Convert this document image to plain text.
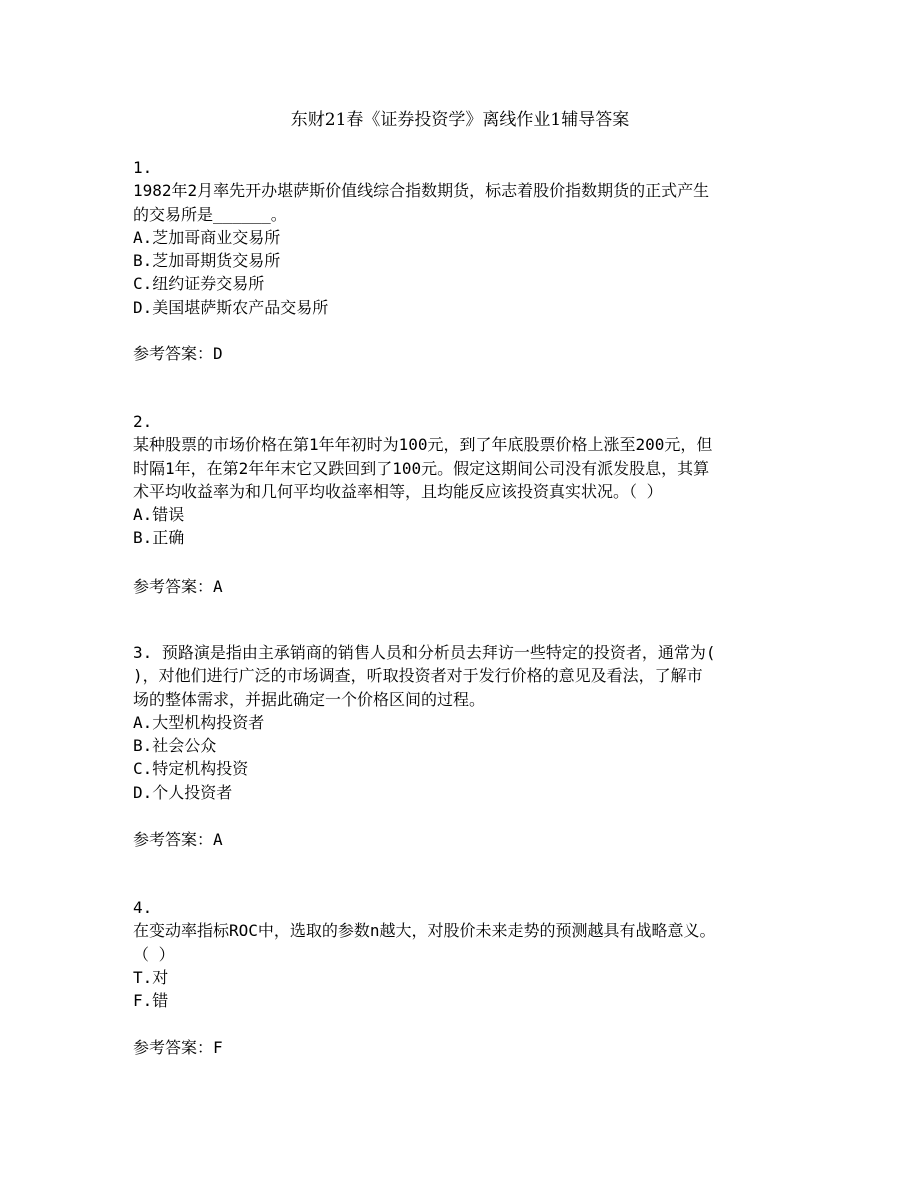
东财21春《证券投资学》离线作业1辅导答案
1.
1982年2月率先开办堪萨斯价值线综合指数期货，标志着股价指数期货的正式产生
的交易所是______。
A.芝加哥商业交易所
B.芝加哥期货交易所
C.纽约证券交易所
D.美国堪萨斯农产品交易所
参考答案：D
2.
某种股票的市场价格在第1年年初时为100元，到了年底股票价格上涨至200元，但
时隔1年，在第2年年末它又跌回到了100元。假定这期间公司没有派发股息，其算
术平均收益率为和几何平均收益率相等，且均能反应该投资真实状况。（ ）
A.错误
B.正确
参考答案：A
3. 预路演是指由主承销商的销售人员和分析员去拜访一些特定的投资者，通常为(
)，对他们进行广泛的市场调查，听取投资者对于发行价格的意见及看法，了解市
场的整体需求，并据此确定一个价格区间的过程。
A.大型机构投资者
B.社会公众
C.特定机构投资
D.个人投资者
参考答案：A
4.
在变动率指标ROC中，选取的参数n越大，对股价未来走势的预测越具有战略意义。
（ ）
T.对
F.错
参考答案：F
